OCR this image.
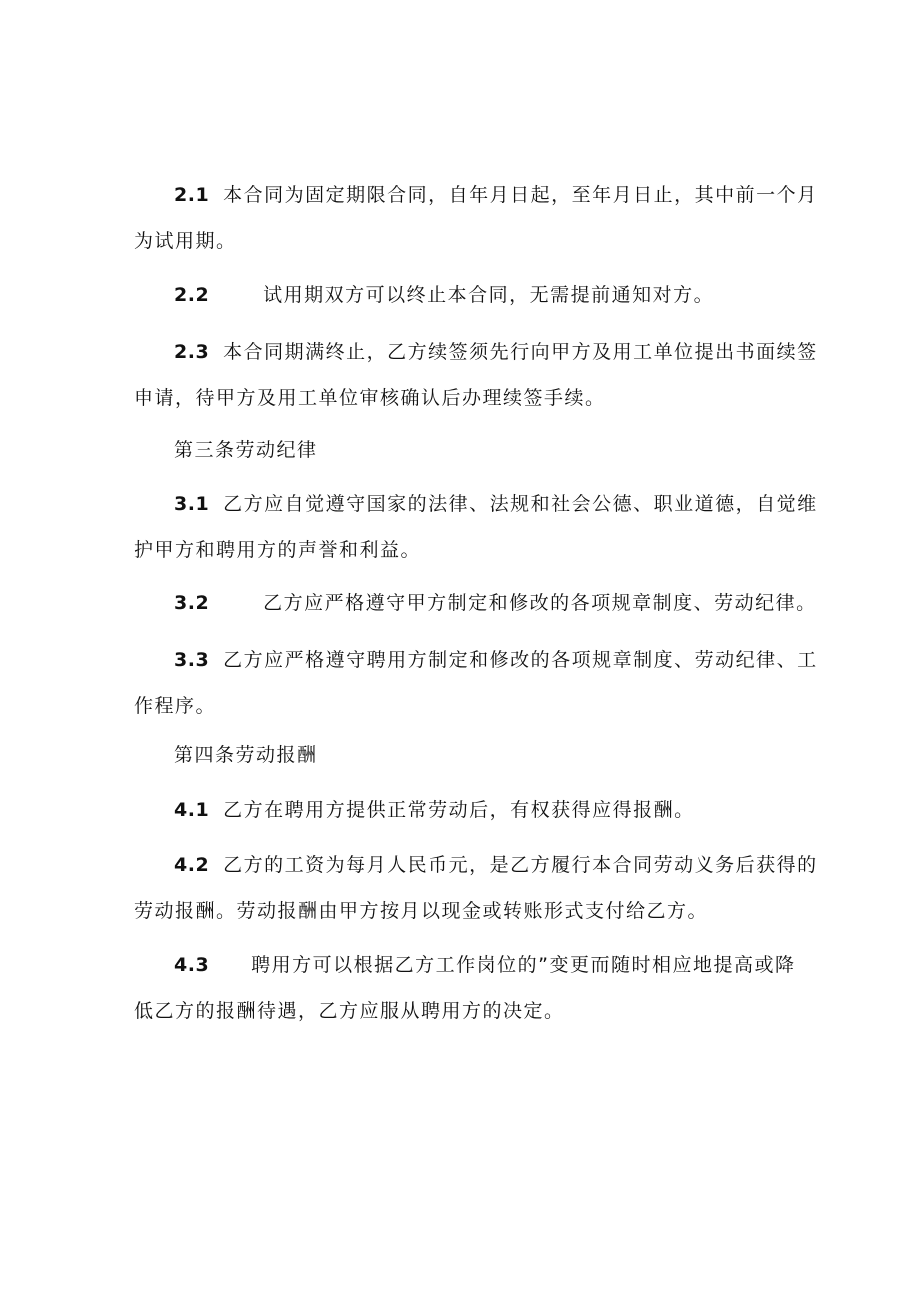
2.1 本合同为固定期限合同，自年月日起，至年月日止，其中前一个月
为试用期。
2.2	试用期双方可以终止本合同，无需提前通知对方。
2.3 本合同期满终止，乙方续签须先行向甲方及用工单位提出书面续签
申请，待甲方及用工单位审核确认后办理续签手续。
第三条劳动纪律
3.1 乙方应自觉遵守国家的法律、法规和社会公德、职业道德，自觉维
护甲方和聘用方的声誉和利益。
3.2	乙方应严格遵守甲方制定和修改的各项规章制度、劳动纪律。
3.3 乙方应严格遵守聘用方制定和修改的各项规章制度、劳动纪律、工
作程序。
第四条劳动报酬
4.1 乙方在聘用方提供正常劳动后，有权获得应得报酬。
4.2 乙方的工资为每月人民币元，是乙方履行本合同劳动义务后获得的
劳动报酬。劳动报酬由甲方按月以现金或转账形式支付给乙方。
4.3 聘用方可以根据乙方工作岗位的”变更而随时相应地提高或降
低乙方的报酬待遇，乙方应服从聘用方的决定。
